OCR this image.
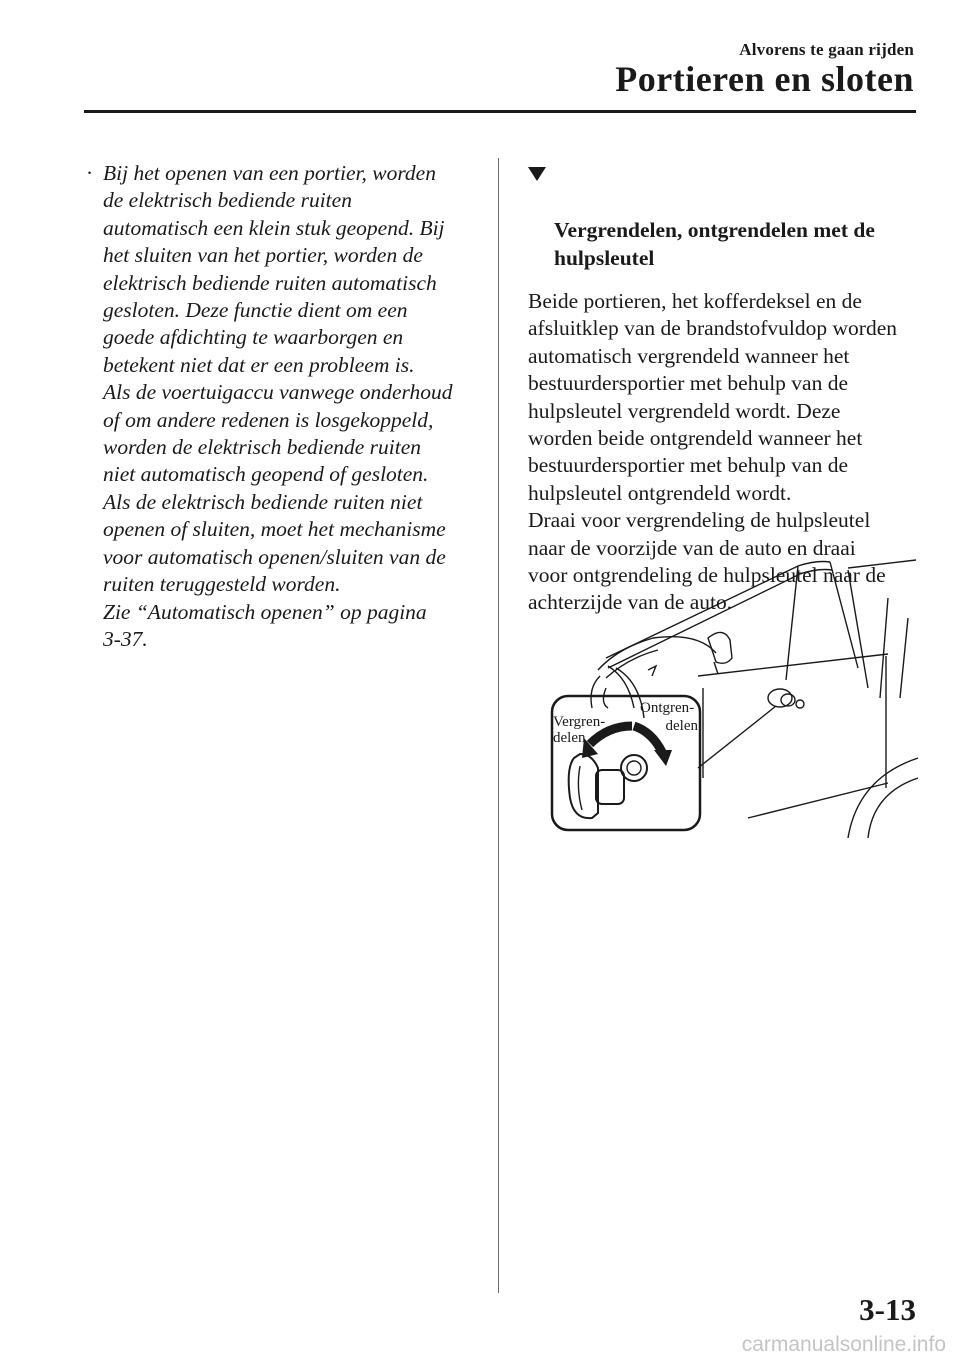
Alvorens te gaan rijden
Portieren en sloten
· Bij het openen van een portier, worden
de elektrisch bediende ruiten
automatisch een klein stuk geopend. Bij
het sluiten van het portier, worden de
elektrisch bediende ruiten automatisch
gesloten. Deze functie dient om een
goede afdichting te waarborgen en
betekent niet dat er een probleem is.
Als de voertuigaccu vanwege onderhoud
of om andere redenen is losgekoppeld,
worden de elektrisch bediende ruiten
niet automatisch geopend of gesloten.
Als de elektrisch bediende ruiten niet
openen of sluiten, moet het mechanisme
voor automatisch openen/sluiten van de
ruiten teruggesteld worden.
Zie “Automatisch openen” op pagina
3-37.

Vergrendelen, ontgrendelen met de
hulpsleutel

Beide portieren, het kofferdeksel en de
afsluitklep van de brandstofvuldop worden
automatisch vergrendeld wanneer het
bestuurdersportier met behulp van de
hulpsleutel vergrendeld wordt. Deze
worden beide ontgrendeld wanneer het
bestuurdersportier met behulp van de
hulpsleutel ontgrendeld wordt.
Draai voor vergrendeling de hulpsleutel
naar de voorzijde van de auto en draai
voor ontgrendeling de hulpsleutel naar de
achterzijde van de auto.
Vergren-
delen
Ontgren-
delen
3-13
carmanualsonline.info
